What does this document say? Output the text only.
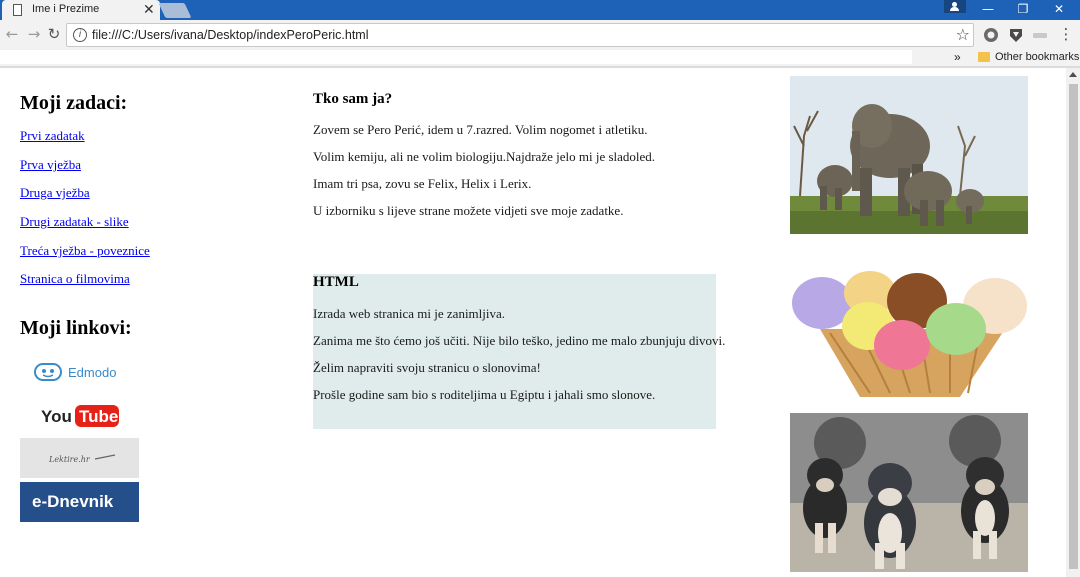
Ime i Prezime	✕	—	❐	✕
← → ↻	i file:///C:/Users/ivana/Desktop/indexPeroPeric.html	☆	⋮
»	Other bookmarks
Moji zadaci:
Prvi zadatak
Prva vježba
Druga vježba
Drugi zadatak - slike
Treća vježba - poveznice
Stranica o filmovima
Moji linkovi:
Edmodo
You Tube
Lektire.hr
e-Dnevnik
Tko sam ja?

Zovem se Pero Perić, idem u 7.razred. Volim nogomet i atletiku.

Volim kemiju, ali ne volim biologiju.Najdraže jelo mi je sladoled.

Imam tri psa, zovu se Felix, Helix i Lerix.

U izborniku s lijeve strane možete vidjeti sve moje zadatke.

HTML

Izrada web stranica mi je zanimljiva.

Zanima me što ćemo još učiti. Nije bilo teško, jedino me malo zbunjuju divovi.

Želim napraviti svoju stranicu o slonovima!

Prošle godine sam bio s roditeljima u Egiptu i jahali smo slonove.
